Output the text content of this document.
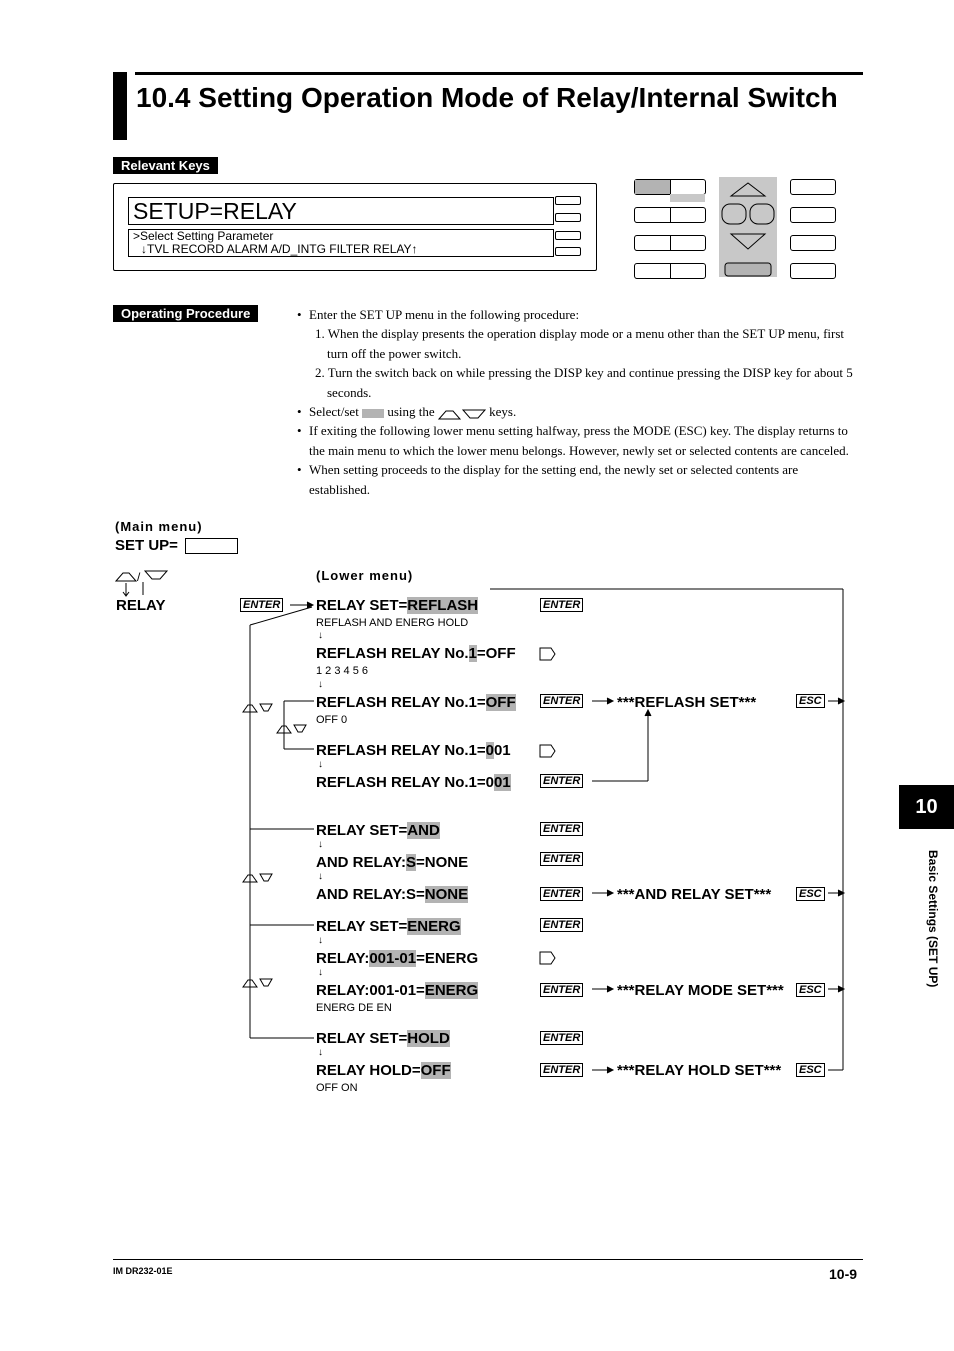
10.4 Setting Operation Mode of Relay/Internal Switch
Relevant Keys
SETUP=RELAY
>Select Setting Parameter
↓TVL RECORD ALARM A/D_INTG FILTER RELAY↑
Operating Procedure
•	Enter the SET UP menu in the following procedure:
1. When the display presents the operation display mode or a menu other than the SET UP menu, first turn off the power switch.
2. Turn the switch back on while pressing the DISP key and continue pressing the DISP key for about 5 seconds.
• Select/set using the	keys.
• If exiting the following lower menu setting halfway, press the MODE (ESC) key. The display returns to the main menu to which the lower menu belongs. However, newly set or selected contents are canceled.
• When setting proceeds to the display for the setting end, the newly set or selected contents are established.
(Main menu)
SET UP=
/	(Lower menu)
RELAY	ENTER RELAY SET=REFLASH	ENTER
REFLASH AND ENERG HOLD
↓
REFLASH RELAY No.1=OFF
1 2 3 4 5 6
↓
REFLASH RELAY No.1=OFF ENTER ***REFLASH SET***	ESC
OFF 0
REFLASH RELAY No.1=001
↓
REFLASH RELAY No.1=001	ENTER
RELAY SET=AND	ENTER
↓
AND RELAY:S=NONE	ENTER
↓
AND RELAY:S=NONE	ENTER ***AND RELAY SET***	ESC
RELAY SET=ENERG	ENTER
↓
RELAY:001-01=ENERG
↓
RELAY:001-01=ENERG	ENTER ***RELAY MODE SET*** ESC
ENERG DE EN
RELAY SET=HOLD	ENTER
↓
RELAY HOLD=OFF	ENTER ***RELAY HOLD SET*** ESC
OFF ON
10
Basic Settings (SET UP)
IM DR232-01E	10-9
